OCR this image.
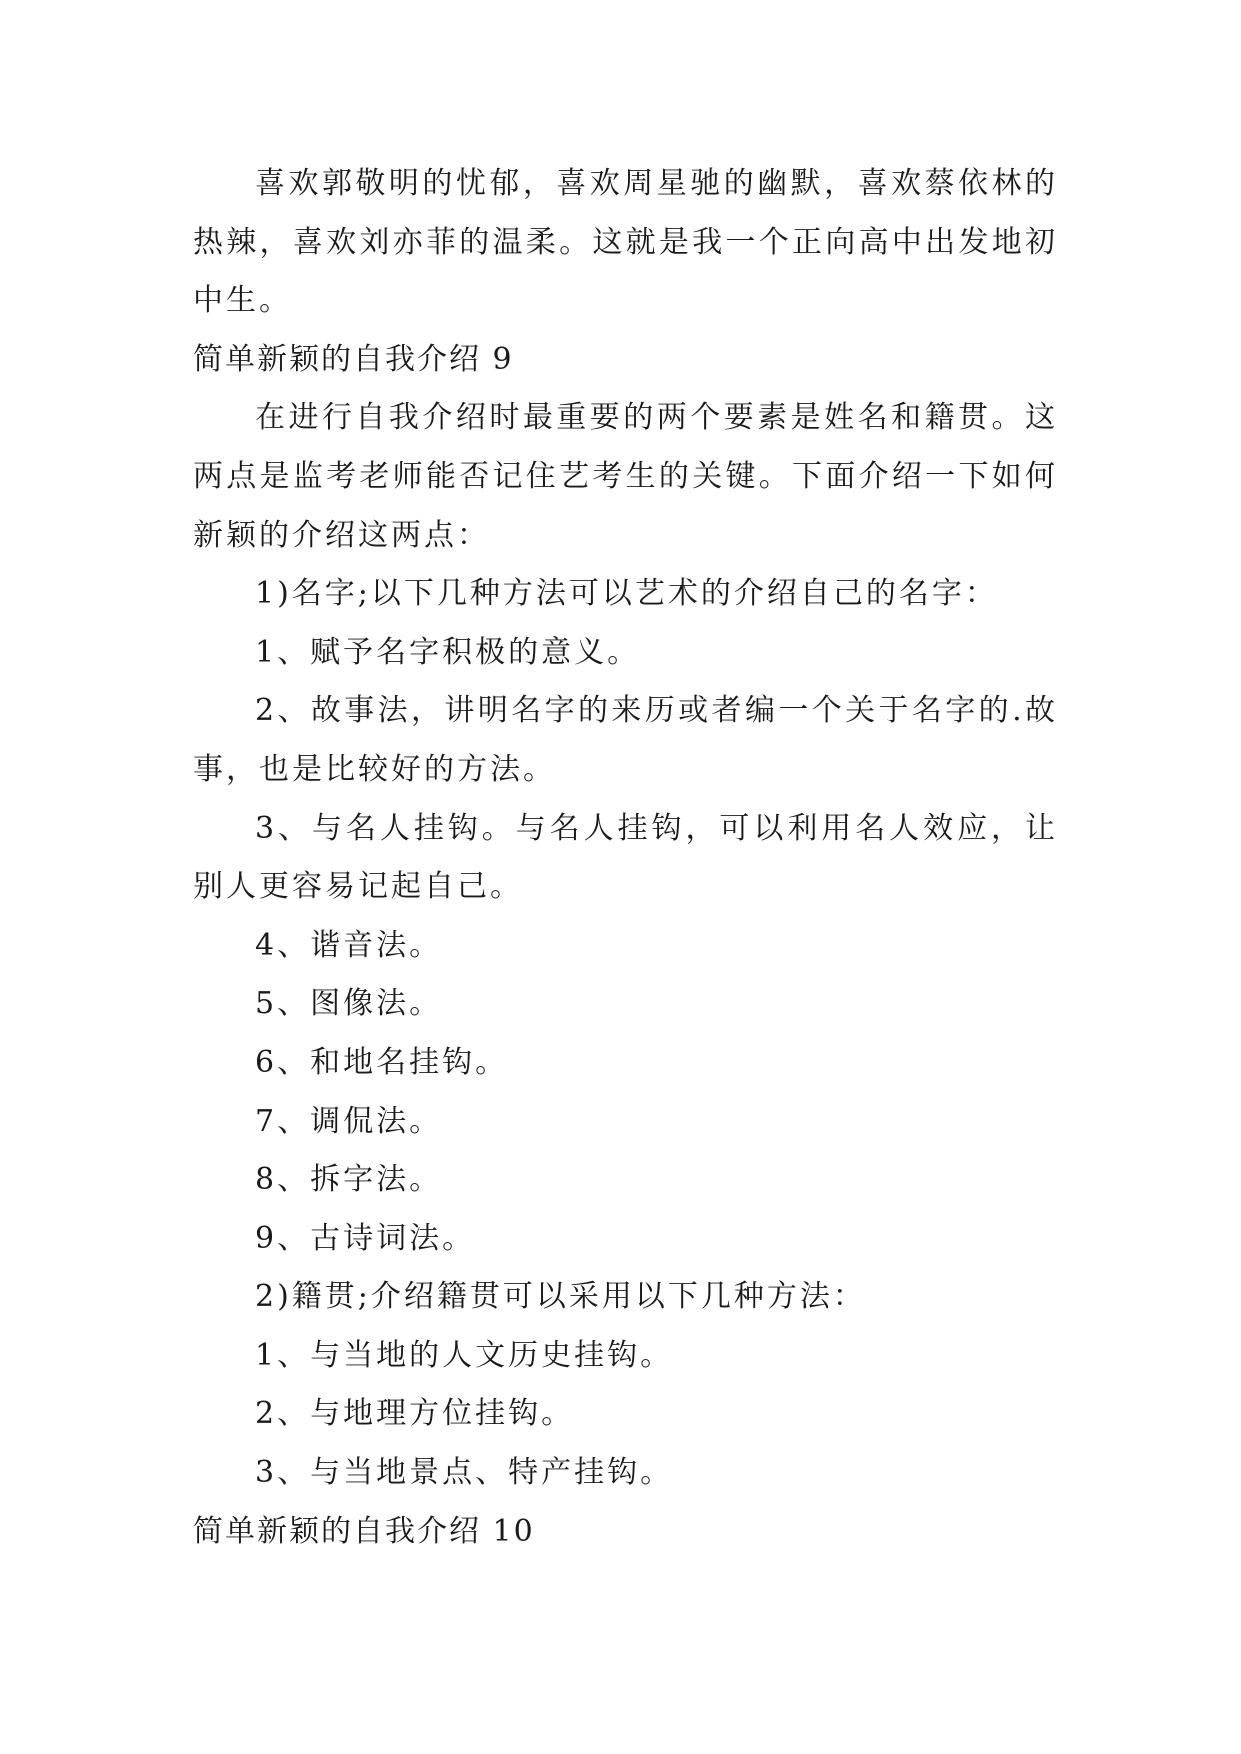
喜欢郭敬明的忧郁，喜欢周星驰的幽默，喜欢蔡依林的
热辣，喜欢刘亦菲的温柔。这就是我一个正向高中出发地初
中生。
简单新颖的自我介绍 9
在进行自我介绍时最重要的两个要素是姓名和籍贯。这
两点是监考老师能否记住艺考生的关键。下面介绍一下如何
新颖的介绍这两点：
1)名字;以下几种方法可以艺术的介绍自己的名字：
1、赋予名字积极的意义。
2、故事法，讲明名字的来历或者编一个关于名字的.故
事，也是比较好的方法。
3、与名人挂钩。与名人挂钩，可以利用名人效应，让
别人更容易记起自己。
4、谐音法。
5、图像法。
6、和地名挂钩。
7、调侃法。
8、拆字法。
9、古诗词法。
2)籍贯;介绍籍贯可以采用以下几种方法：
1、与当地的人文历史挂钩。
2、与地理方位挂钩。
3、与当地景点、特产挂钩。
简单新颖的自我介绍 10
